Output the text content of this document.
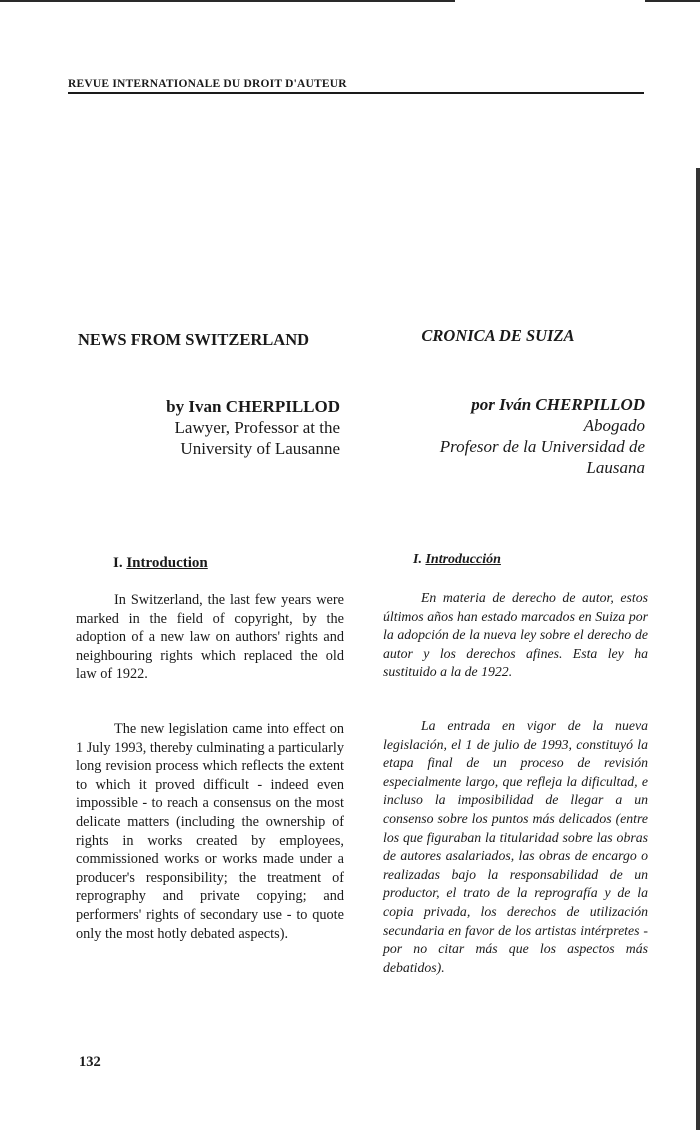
REVUE INTERNATIONALE DU DROIT D'AUTEUR
NEWS FROM SWITZERLAND	CRONICA DE SUIZA
by Ivan CHERPILLOD
Lawyer, Professor at the
University of Lausanne
por Iván CHERPILLOD
Abogado
Profesor de la Universidad de
Lausana
I. Introduction	I. Introducción

In Switzerland, the last few years were marked in the field of copyright, by the adoption of a new law on authors' rights and neighbouring rights which replaced the old law of 1922.

The new legislation came into effect on 1 July 1993, thereby culminating a particularly long revision process which reflects the extent to which it proved difficult - indeed even impossible - to reach a consensus on the most delicate matters (including the ownership of rights in works created by employees, commissioned works or works made under a producer's responsibility; the treatment of reprography and private copying; and performers' rights of secondary use - to quote only the most hotly debated aspects).

En materia de derecho de autor, estos últimos años han estado marcados en Suiza por la adopción de la nueva ley sobre el derecho de autor y los derechos afines. Esta ley ha sustituido a la de 1922.

La entrada en vigor de la nueva legislación, el 1 de julio de 1993, constituyó la etapa final de un proceso de revisión especialmente largo, que refleja la dificultad, e incluso la imposibilidad de llegar a un consenso sobre los puntos más delicados (entre los que figuraban la titularidad sobre las obras de autores asalariados, las obras de encargo o realizadas bajo la responsabilidad de un productor, el trato de la reprografía y de la copia privada, los derechos de utilización secundaria en favor de los artistas intérpretes - por no citar más que los aspectos más debatidos).

132
